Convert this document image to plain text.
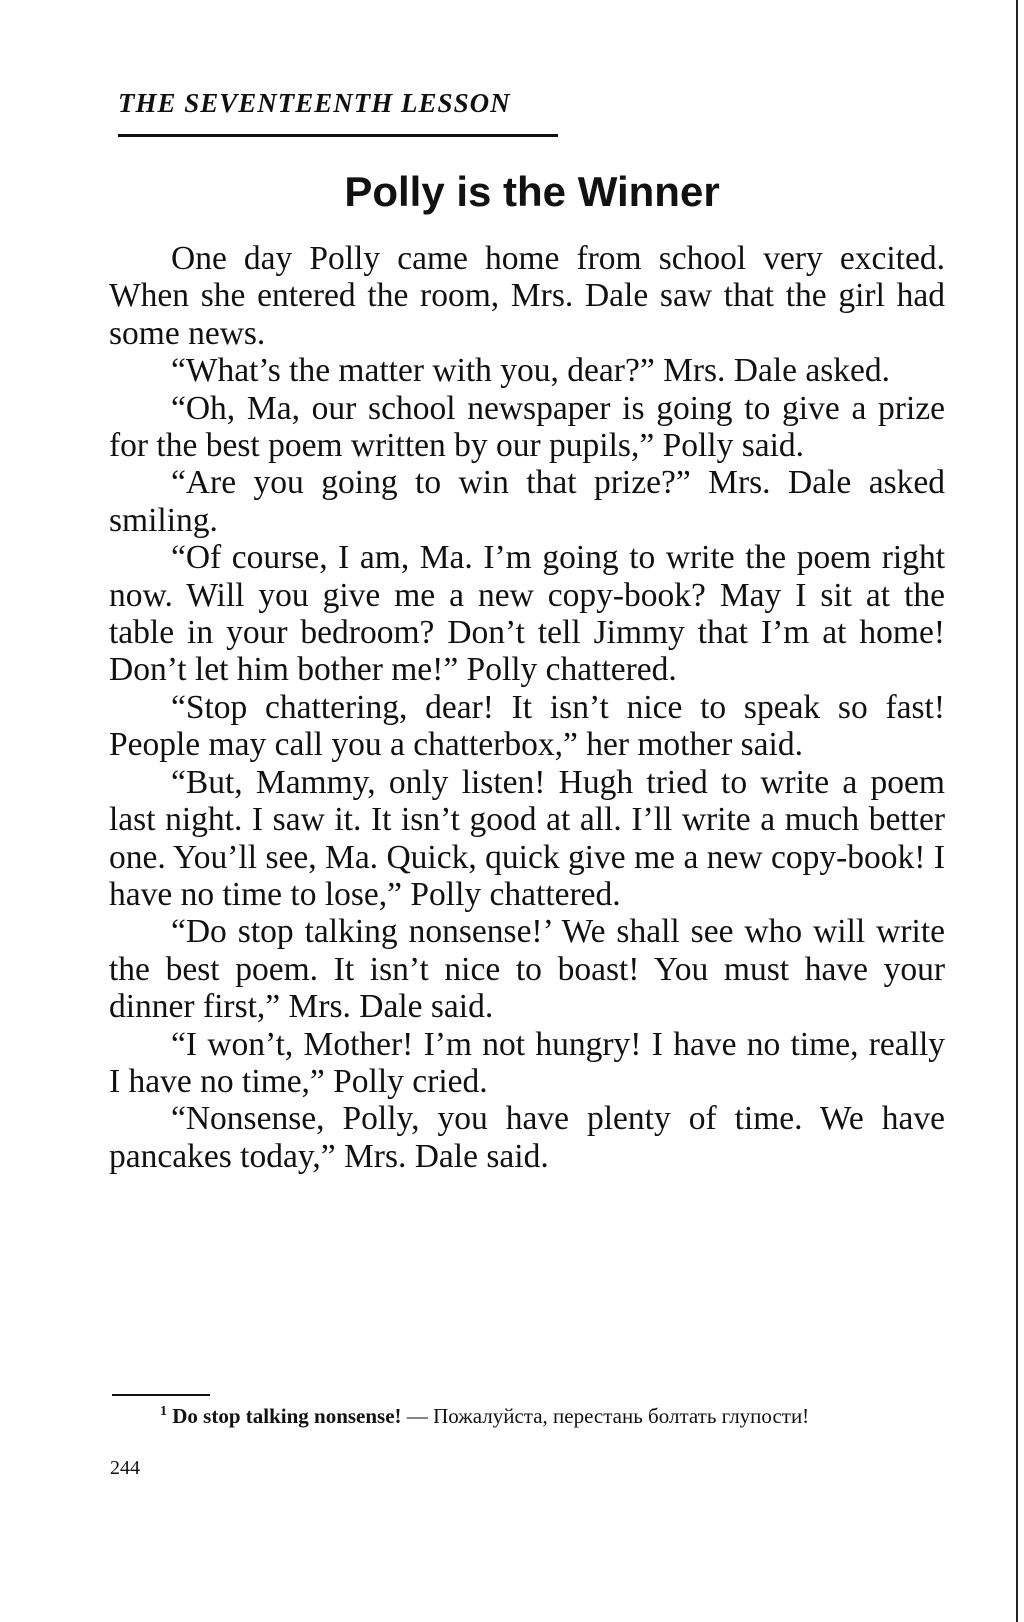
THE SEVENTEENTH LESSON
Polly is the Winner

One day Polly came home from school very excited. When she entered the room, Mrs. Dale saw that the girl had some news.

“What’s the matter with you, dear?” Mrs. Dale asked.

“Oh, Ma, our school newspaper is going to give a prize for the best poem written by our pupils,” Polly said.

“Are you going to win that prize?” Mrs. Dale asked smiling.

“Of course, I am, Ma. I’m going to write the poem right now. Will you give me a new copy-book? May I sit at the table in your bedroom? Don’t tell Jimmy that I’m at home! Don’t let him bother me!” Polly chattered.

“Stop chattering, dear! It isn’t nice to speak so fast! People may call you a chatterbox,” her mother said.

“But, Mammy, only listen! Hugh tried to write a poem last night. I saw it. It isn’t good at all. I’ll write a much better one. You’ll see, Ma. Quick, quick give me a new copy-book! I have no time to lose,” Polly chattered.

“Do stop talking nonsense!’ We shall see who will write the best poem. It isn’t nice to boast! You must have your dinner first,” Mrs. Dale said.

“I won’t, Mother! I’m not hungry! I have no time, really I have no time,” Polly cried.

“Nonsense, Polly, you have plenty of time. We have pancakes today,” Mrs. Dale said.

$^1$ Do stop talking nonsense! — Пожалуйста, перестань болтать глупости!
244
